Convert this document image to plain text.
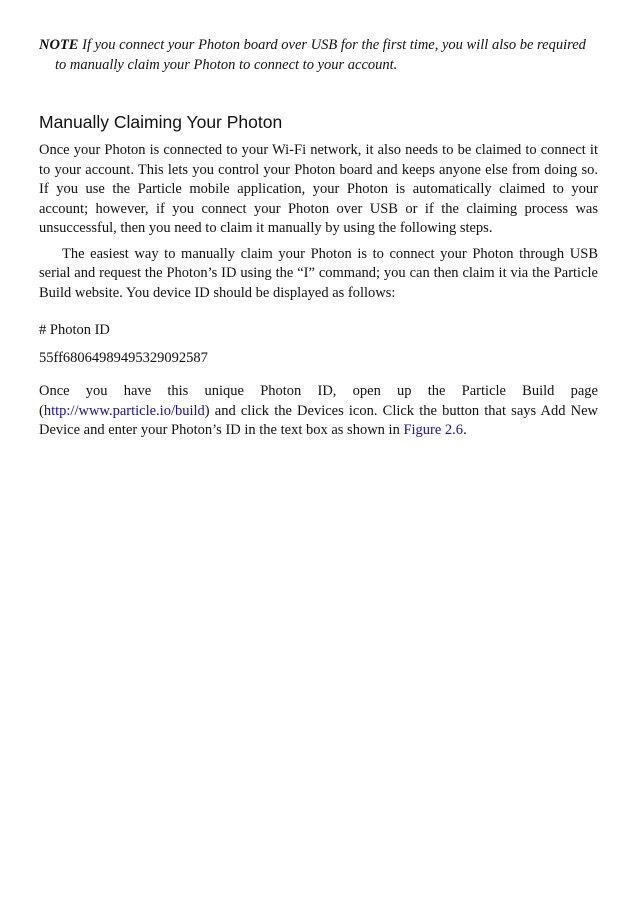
NOTE If you connect your Photon board over USB for the first time, you will also be required to manually claim your Photon to connect to your account.

Manually Claiming Your Photon

Once your Photon is connected to your Wi-Fi network, it also needs to be claimed to connect it to your account. This lets you control your Photon board and keeps anyone else from doing so. If you use the Particle mobile application, your Photon is automatically claimed to your account; however, if you connect your Photon over USB or if the claiming process was unsuccessful, then you need to claim it manually by using the following steps.

The easiest way to manually claim your Photon is to connect your Photon through USB serial and request the Photon’s ID using the “I” command; you can then claim it via the Particle Build website. You device ID should be displayed as follows:

# Photon ID

55ff68064989495329092587

Once you have this unique Photon ID, open up the Particle Build page (http://www.particle.io/build) and click the Devices icon. Click the button that says Add New Device and enter your Photon’s ID in the text box as shown in Figure 2.6.
